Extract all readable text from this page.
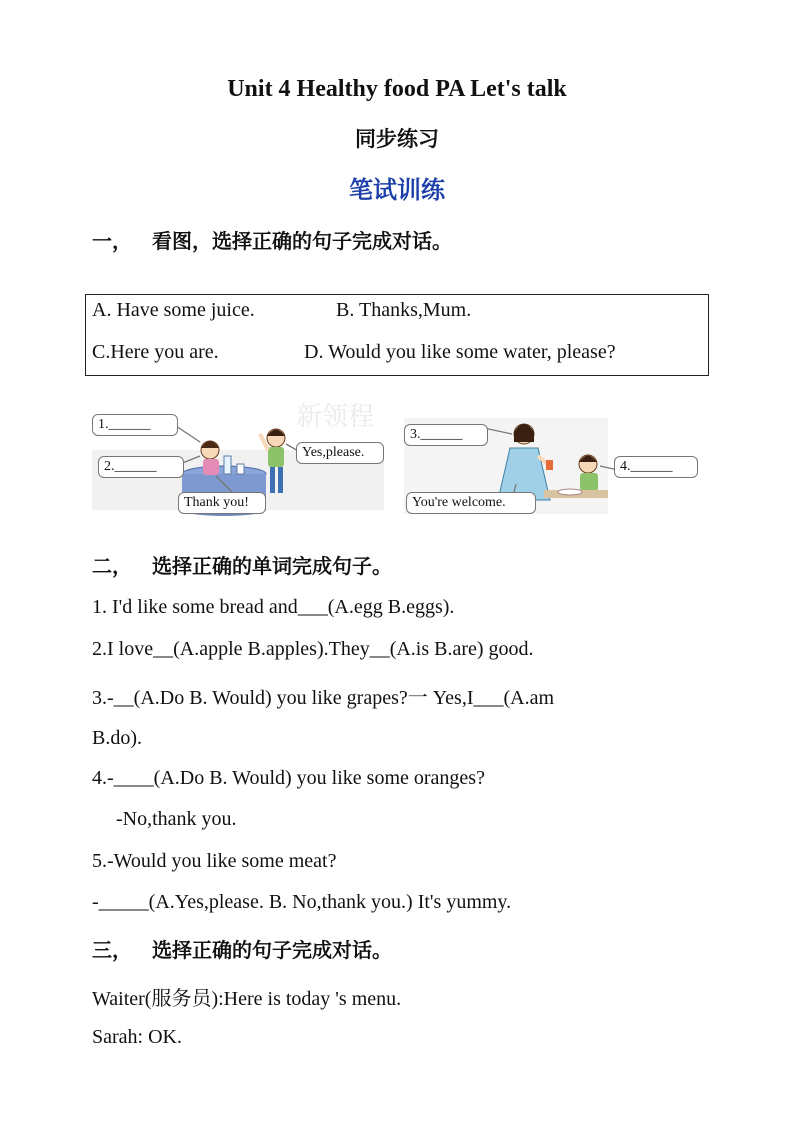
Unit 4 Healthy food PA Let's talk
同步练习
笔试训练
一， 看图，选择正确的句子完成对话。
A. Have some juice.	B. Thanks,Mum.
C.Here you are.	D. Would you like some water, please?
1.______
2.______
Yes,please.
Thank you!
新领程
3.______
4.______
You're welcome.
二， 选择正确的单词完成句子。
1. I'd like some bread and___(A.egg B.eggs).
2.I love__(A.apple B.apples).They__(A.is B.are) good.
3.-__(A.Do B. Would) you like grapes?一 Yes,I___(A.am
B.do).
4.-____(A.Do B. Would) you like some oranges?
-No,thank you.
5.-Would you like some meat?
-_____(A.Yes,please. B. No,thank you.) It's yummy.
三， 选择正确的句子完成对话。
Waiter(服务员):Here is today 's menu.
Sarah: OK.
